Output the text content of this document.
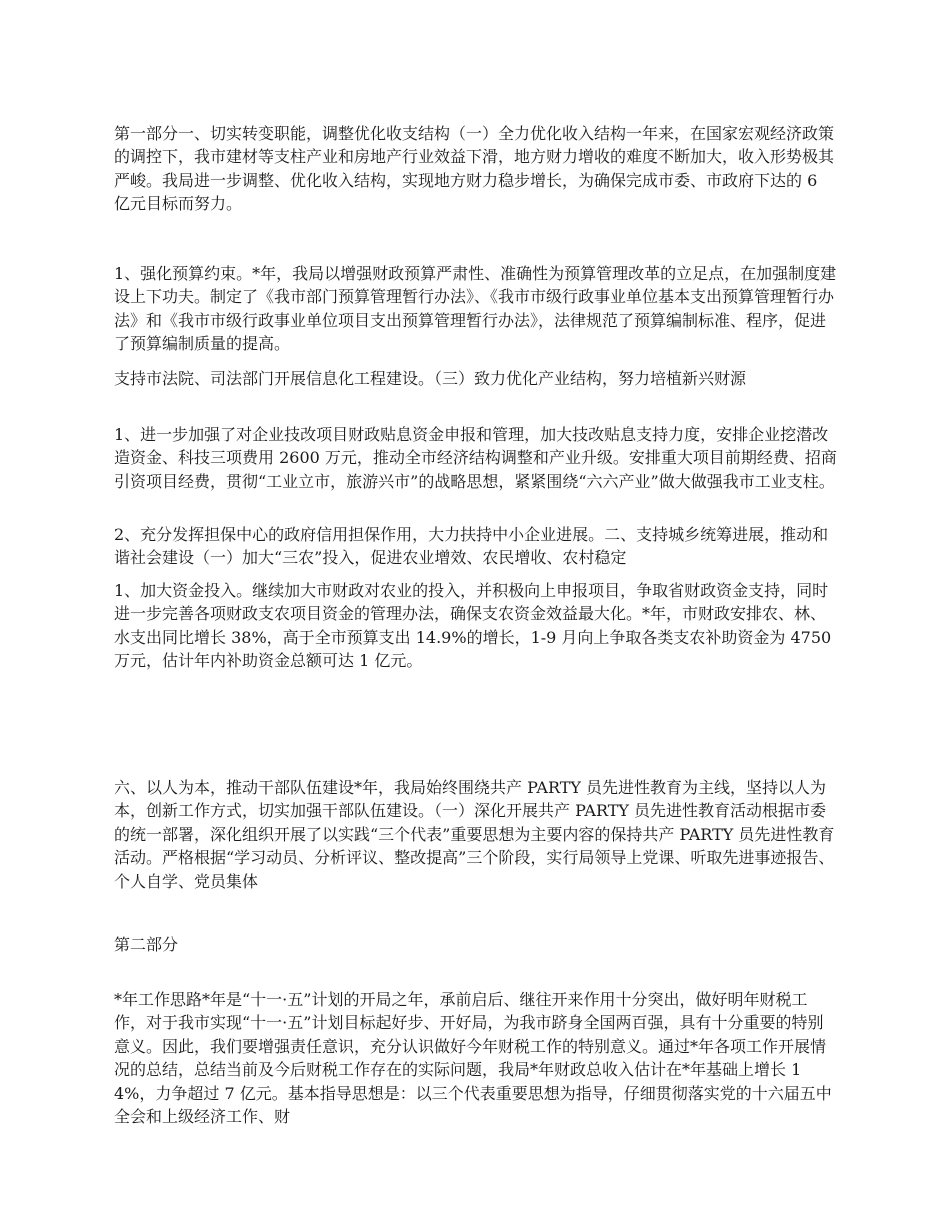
第一部分一、切实转变职能，调整优化收支结构（一）全力优化收入结构一年来，在国家宏观经济政策的调控下，我市建材等支柱产业和房地产行业效益下滑，地方财力增收的难度不断加大，收入形势极其严峻。我局进一步调整、优化收入结构，实现地方财力稳步增长，为确保完成市委、市政府下达的 6 亿元目标而努力。

1、强化预算约束。*年，我局以增强财政预算严肃性、准确性为预算管理改革的立足点，在加强制度建设上下功夫。制定了《我市部门预算管理暂行办法》、《我市市级行政事业单位基本支出预算管理暂行办法》和《我市市级行政事业单位项目支出预算管理暂行办法》，法律规范了预算编制标准、程序，促进了预算编制质量的提高。

支持市法院、司法部门开展信息化工程建设。（三）致力优化产业结构，努力培植新兴财源

1、进一步加强了对企业技改项目财政贴息资金申报和管理，加大技改贴息支持力度，安排企业挖潜改造资金、科技三项费用 2600 万元，推动全市经济结构调整和产业升级。安排重大项目前期经费、招商引资项目经费，贯彻“工业立市，旅游兴市”的战略思想，紧紧围绕“六六产业”做大做强我市工业支柱。

2、充分发挥担保中心的政府信用担保作用，大力扶持中小企业进展。二、支持城乡统筹进展，推动和谐社会建设（一）加大“三农”投入，促进农业增效、农民增收、农村稳定

1、加大资金投入。继续加大市财政对农业的投入，并积极向上申报项目，争取省财政资金支持，同时进一步完善各项财政支农项目资金的管理办法，确保支农资金效益最大化。*年，市财政安排农、林、水支出同比增长 38%，高于全市预算支出 14.9%的增长，1-9 月向上争取各类支农补助资金为 4750 万元，估计年内补助资金总额可达 1 亿元。

六、以人为本，推动干部队伍建设*年，我局始终围绕共产 PARTY 员先进性教育为主线，坚持以人为本，创新工作方式，切实加强干部队伍建设。（一）深化开展共产 PARTY 员先进性教育活动根据市委的统一部署，深化组织开展了以实践“三个代表”重要思想为主要内容的保持共产 PARTY 员先进性教育活动。严格根据“学习动员、分析评议、整改提高”三个阶段，实行局领导上党课、听取先进事迹报告、个人自学、党员集体

第二部分

*年工作思路*年是“十一·五”计划的开局之年，承前启后、继往开来作用十分突出，做好明年财税工作，对于我市实现“十一·五”计划目标起好步、开好局，为我市跻身全国两百强，具有十分重要的特别意义。因此，我们要增强责任意识，充分认识做好今年财税工作的特别意义。通过*年各项工作开展情况的总结，总结当前及今后财税工作存在的实际问题，我局*年财政总收入估计在*年基础上增长 14%，力争超过 7 亿元。基本指导思想是：以三个代表重要思想为指导，仔细贯彻落实党的十六届五中全会和上级经济工作、财
